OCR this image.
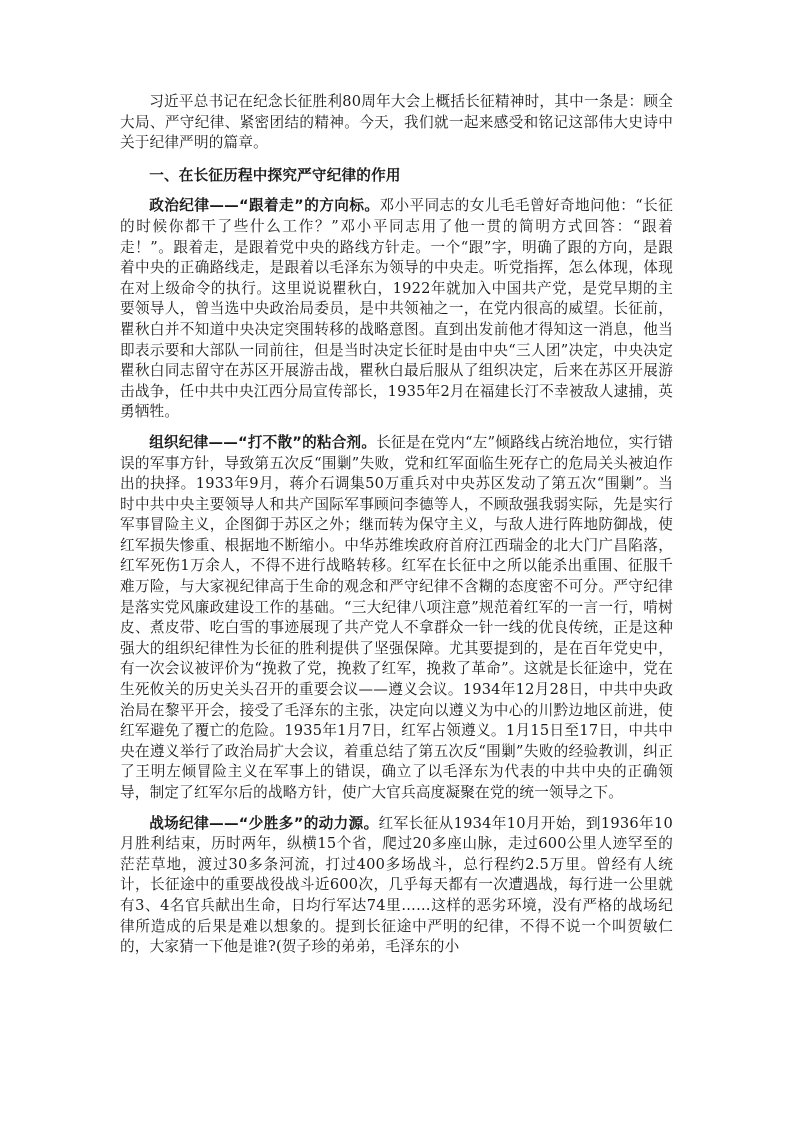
习近平总书记在纪念长征胜利80周年大会上概括长征精神时，其中一条是：顾全大局、严守纪律、紧密团结的精神。今天，我们就一起来感受和铭记这部伟大史诗中关于纪律严明的篇章。

一、在长征历程中探究严守纪律的作用

政治纪律——“跟着走”的方向标。邓小平同志的女儿毛毛曾好奇地问他：“长征的时候你都干了些什么工作？”邓小平同志用了他一贯的简明方式回答：“跟着走！”。跟着走，是跟着党中央的路线方针走。一个“跟”字，明确了跟的方向，是跟着中央的正确路线走，是跟着以毛泽东为领导的中央走。听党指挥，怎么体现，体现在对上级命令的执行。这里说说瞿秋白，1922年就加入中国共产党，是党早期的主要领导人，曾当选中央政治局委员，是中共领袖之一，在党内很高的威望。长征前，瞿秋白并不知道中央决定突围转移的战略意图。直到出发前他才得知这一消息，他当即表示要和大部队一同前往，但是当时决定长征时是由中央“三人团”决定，中央决定瞿秋白同志留守在苏区开展游击战，瞿秋白最后服从了组织决定，后来在苏区开展游击战争，任中共中央江西分局宣传部长，1935年2月在福建长汀不幸被敌人逮捕，英勇牺牲。

组织纪律——“打不散”的粘合剂。长征是在党内“左”倾路线占统治地位，实行错误的军事方针，导致第五次反“围剿”失败，党和红军面临生死存亡的危局关头被迫作出的抉择。1933年9月，蒋介石调集50万重兵对中央苏区发动了第五次“围剿”。当时中共中央主要领导人和共产国际军事顾问李德等人，不顾敌强我弱实际，先是实行军事冒险主义，企图御于苏区之外；继而转为保守主义，与敌人进行阵地防御战，使红军损失惨重、根据地不断缩小。中华苏维埃政府首府江西瑞金的北大门广昌陷落，红军死伤1万余人，不得不进行战略转移。红军在长征中之所以能杀出重围、征服千难万险，与大家视纪律高于生命的观念和严守纪律不含糊的态度密不可分。严守纪律是落实党风廉政建设工作的基础。“三大纪律八项注意”规范着红军的一言一行，啃树皮、煮皮带、吃白雪的事迹展现了共产党人不拿群众一针一线的优良传统，正是这种强大的组织纪律性为长征的胜利提供了坚强保障。尤其要提到的，是在百年党史中，有一次会议被评价为“挽救了党，挽救了红军，挽救了革命”。这就是长征途中，党在生死攸关的历史关头召开的重要会议——遵义会议。1934年12月28日，中共中央政治局在黎平开会，接受了毛泽东的主张，决定向以遵义为中心的川黔边地区前进，使红军避免了覆亡的危险。1935年1月7日，红军占领遵义。1月15日至17日，中共中央在遵义举行了政治局扩大会议，着重总结了第五次反“围剿”失败的经验教训，纠正了王明左倾冒险主义在军事上的错误，确立了以毛泽东为代表的中共中央的正确领导，制定了红军尔后的战略方针，使广大官兵高度凝聚在党的统一领导之下。

战场纪律——“少胜多”的动力源。红军长征从1934年10月开始，到1936年10月胜利结束，历时两年，纵横15个省，爬过20多座山脉，走过600公里人迹罕至的茫茫草地，渡过30多条河流，打过400多场战斗，总行程约2.5万里。曾经有人统计，长征途中的重要战役战斗近600次，几乎每天都有一次遭遇战，每行进一公里就有3、4名官兵献出生命，日均行军达74里……这样的恶劣环境，没有严格的战场纪律所造成的后果是难以想象的。提到长征途中严明的纪律，不得不说一个叫贺敏仁的，大家猜一下他是谁?(贺子珍的弟弟，毛泽东的小
